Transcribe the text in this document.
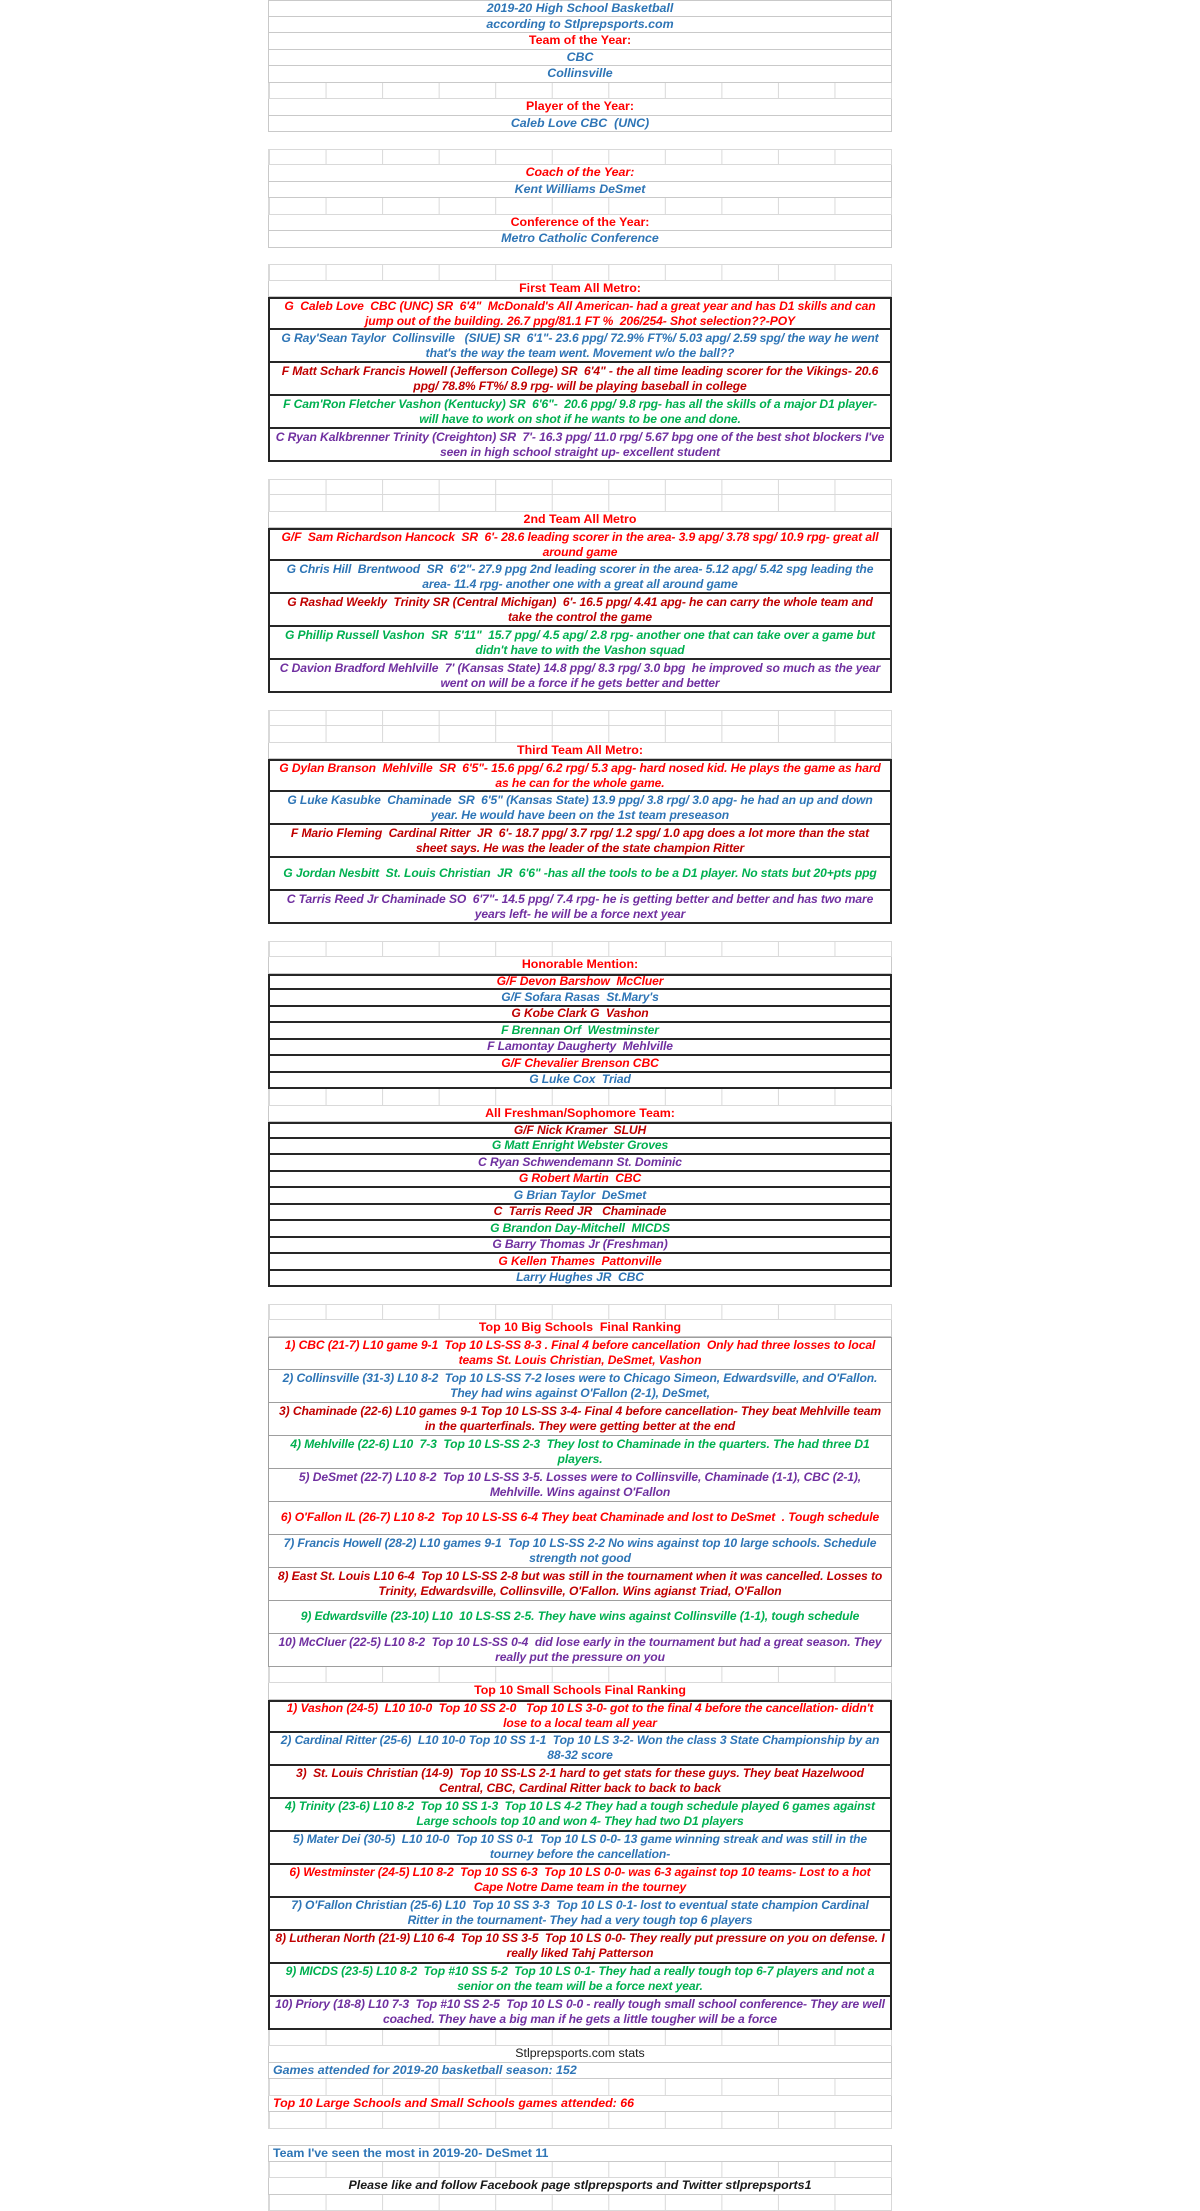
2019-20 High School Basketball
according to Stlprepsports.com
Team of the Year:
CBC
Collinsville
Player of the Year:
Caleb Love CBC  (UNC)
Coach of the Year:
Kent Williams DeSmet
Conference of the Year:
Metro Catholic Conference
First Team All Metro:
G  Caleb Love  CBC (UNC) SR  6'4"  McDonald's All American- had a great year and has D1 skills and can jump out of the building. 26.7 ppg/81.1 FT %  206/254- Shot selection??-POY
G Ray'Sean Taylor  Collinsville   (SIUE) SR  6'1"- 23.6 ppg/ 72.9% FT%/ 5.03 apg/ 2.59 spg/ the way he went that's the way the team went. Movement w/o the ball??
F Matt Schark Francis Howell (Jefferson College) SR  6'4" - the all time leading scorer for the Vikings- 20.6 ppg/ 78.8% FT%/ 8.9 rpg- will be playing baseball in college
F Cam'Ron Fletcher Vashon (Kentucky) SR  6'6"-  20.6 ppg/ 9.8 rpg- has all the skills of a major D1 player- will have to work on shot if he wants to be one and done.
C Ryan Kalkbrenner Trinity (Creighton) SR  7'- 16.3 ppg/ 11.0 rpg/ 5.67 bpg one of the best shot blockers I've seen in high school straight up- excellent student
2nd Team All Metro
G/F  Sam Richardson Hancock  SR  6'- 28.6 leading scorer in the area- 3.9 apg/ 3.78 spg/ 10.9 rpg- great all around game
G Chris Hill  Brentwood  SR  6'2"- 27.9 ppg 2nd leading scorer in the area- 5.12 apg/ 5.42 spg leading the area- 11.4 rpg- another one with a great all around game
G Rashad Weekly  Trinity SR (Central Michigan)  6'- 16.5 ppg/ 4.41 apg- he can carry the whole team and take the control the game
G Phillip Russell Vashon  SR  5'11"  15.7 ppg/ 4.5 apg/ 2.8 rpg- another one that can take over a game but didn't have to with the Vashon squad
C Davion Bradford Mehlville  7' (Kansas State) 14.8 ppg/ 8.3 rpg/ 3.0 bpg  he improved so much as the year went on will be a force if he gets better and better
Third Team All Metro:
G Dylan Branson  Mehlville  SR  6'5"- 15.6 ppg/ 6.2 rpg/ 5.3 apg- hard nosed kid. He plays the game as hard as he can for the whole game.
G Luke Kasubke  Chaminade  SR  6'5" (Kansas State) 13.9 ppg/ 3.8 rpg/ 3.0 apg- he had an up and down year. He would have been on the 1st team preseason
F Mario Fleming  Cardinal Ritter  JR  6'- 18.7 ppg/ 3.7 rpg/ 1.2 spg/ 1.0 apg does a lot more than the stat sheet says. He was the leader of the state champion Ritter
G Jordan Nesbitt  St. Louis Christian  JR  6'6" -has all the tools to be a D1 player. No stats but 20+pts ppg
C Tarris Reed Jr Chaminade SO  6'7"- 14.5 ppg/ 7.4 rpg- he is getting better and better and has two mare years left- he will be a force next year
Honorable Mention:
G/F Devon Barshow  McCluer
G/F Sofara Rasas  St.Mary's
G Kobe Clark G  Vashon
F Brennan Orf  Westminster
F Lamontay Daugherty  Mehlville
G/F Chevalier Brenson CBC
G Luke Cox  Triad
All Freshman/Sophomore Team:
G/F Nick Kramer  SLUH
G Matt Enright Webster Groves
C Ryan Schwendemann St. Dominic
G Robert Martin  CBC
G Brian Taylor  DeSmet
C  Tarris Reed JR   Chaminade
G Brandon Day-Mitchell  MICDS
G Barry Thomas Jr (Freshman)
G Kellen Thames  Pattonville
Larry Hughes JR  CBC
Top 10 Big Schools  Final Ranking
1) CBC (21-7) L10 game 9-1  Top 10 LS-SS 8-3 . Final 4 before cancellation  Only had three losses to local teams St. Louis Christian, DeSmet, Vashon
2) Collinsville (31-3) L10 8-2  Top 10 LS-SS 7-2 loses were to Chicago Simeon, Edwardsville, and O'Fallon. They had wins against O'Fallon (2-1), DeSmet,
3) Chaminade (22-6) L10 games 9-1 Top 10 LS-SS 3-4- Final 4 before cancellation- They beat Mehlville team in the quarterfinals. They were getting better at the end
4) Mehlville (22-6) L10  7-3  Top 10 LS-SS 2-3  They lost to Chaminade in the quarters. The had three D1 players.
5) DeSmet (22-7) L10 8-2  Top 10 LS-SS 3-5. Losses were to Collinsville, Chaminade (1-1), CBC (2-1), Mehlville. Wins against O'Fallon
6) O'Fallon IL (26-7) L10 8-2  Top 10 LS-SS 6-4 They beat Chaminade and lost to DeSmet  . Tough schedule
7) Francis Howell (28-2) L10 games 9-1  Top 10 LS-SS 2-2 No wins against top 10 large schools. Schedule strength not good
8) East St. Louis L10 6-4  Top 10 LS-SS 2-8 but was still in the tournament when it was cancelled. Losses to Trinity, Edwardsville, Collinsville, O'Fallon. Wins agianst Triad, O'Fallon
9) Edwardsville (23-10) L10  10 LS-SS 2-5. They have wins against Collinsville (1-1), tough schedule
10) McCluer (22-5) L10 8-2  Top 10 LS-SS 0-4  did lose early in the tournament but had a great season. They really put the pressure on you
Top 10 Small Schools Final Ranking
1) Vashon (24-5)  L10 10-0  Top 10 SS 2-0   Top 10 LS 3-0- got to the final 4 before the cancellation- didn't lose to a local team all year
2) Cardinal Ritter (25-6)  L10 10-0 Top 10 SS 1-1  Top 10 LS 3-2- Won the class 3 State Championship by an 88-32 score
3)  St. Louis Christian (14-9)  Top 10 SS-LS 2-1 hard to get stats for these guys. They beat Hazelwood Central, CBC, Cardinal Ritter back to back to back
4) Trinity (23-6) L10 8-2  Top 10 SS 1-3  Top 10 LS 4-2 They had a tough schedule played 6 games against Large schools top 10 and won 4- They had two D1 players
5) Mater Dei (30-5)  L10 10-0  Top 10 SS 0-1  Top 10 LS 0-0- 13 game winning streak and was still in the tourney before the cancellation-
6) Westminster (24-5) L10 8-2  Top 10 SS 6-3  Top 10 LS 0-0- was 6-3 against top 10 teams- Lost to a hot Cape Notre Dame team in the tourney
7) O'Fallon Christian (25-6) L10  Top 10 SS 3-3  Top 10 LS 0-1- lost to eventual state champion Cardinal Ritter in the tournament- They had a very tough top 6 players
8) Lutheran North (21-9) L10 6-4  Top 10 SS 3-5  Top 10 LS 0-0- They really put pressure on you on defense. I really liked Tahj Patterson
9) MICDS (23-5) L10 8-2  Top #10 SS 5-2  Top 10 LS 0-1- They had a really tough top 6-7 players and not a senior on the team will be a force next year.
10) Priory (18-8) L10 7-3  Top #10 SS 2-5  Top 10 LS 0-0 - really tough small school conference- They are well coached. They have a big man if he gets a little tougher will be a force
Stlprepsports.com stats
Games attended for 2019-20 basketball season: 152
Top 10 Large Schools and Small Schools games attended: 66
Team I've seen the most in 2019-20- DeSmet 11
Please like and follow Facebook page stlprepsports and Twitter stlprepsports1
